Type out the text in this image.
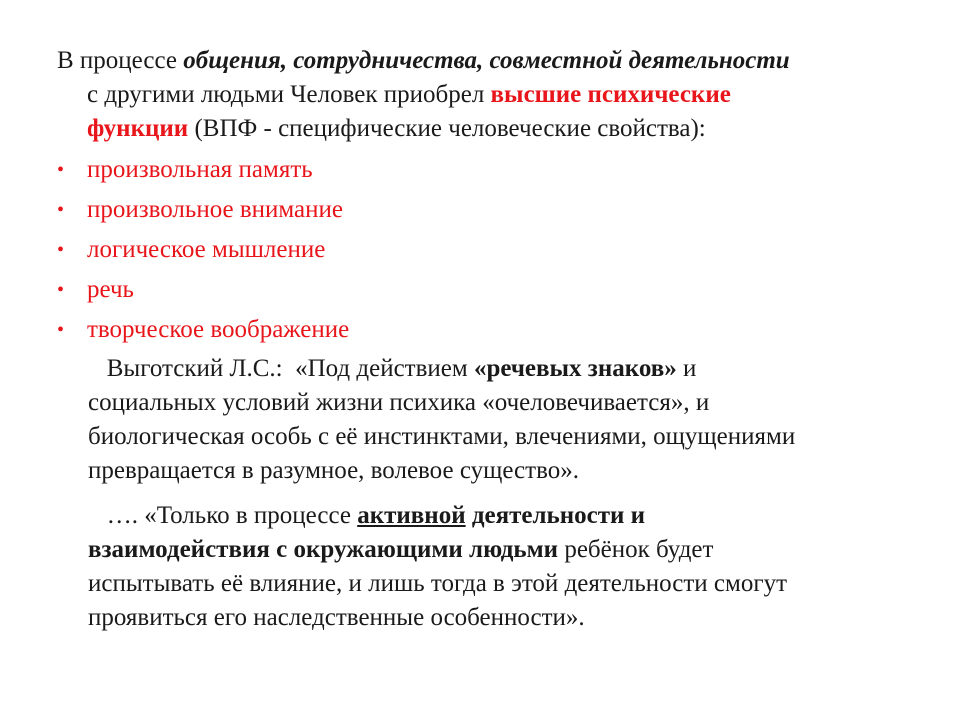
В процессе общения, сотрудничества, совместной деятельности
с другими людьми Человек приобрел высшие психические
функции (ВПФ - специфические человеческие свойства):
• произвольная память
• произвольное внимание
• логическое мышление
• речь
• творческое воображение
Выготский Л.С.:  «Под действием «речевых знаков» и
социальных условий жизни психика «очеловечивается», и
биологическая особь с её инстинктами, влечениями, ощущениями
превращается в разумное, волевое существо».
…. «Только в процессе активной деятельности и
взаимодействия с окружающими людьми ребёнок будет
испытывать её влияние, и лишь тогда в этой деятельности смогут
проявиться его наследственные особенности».
